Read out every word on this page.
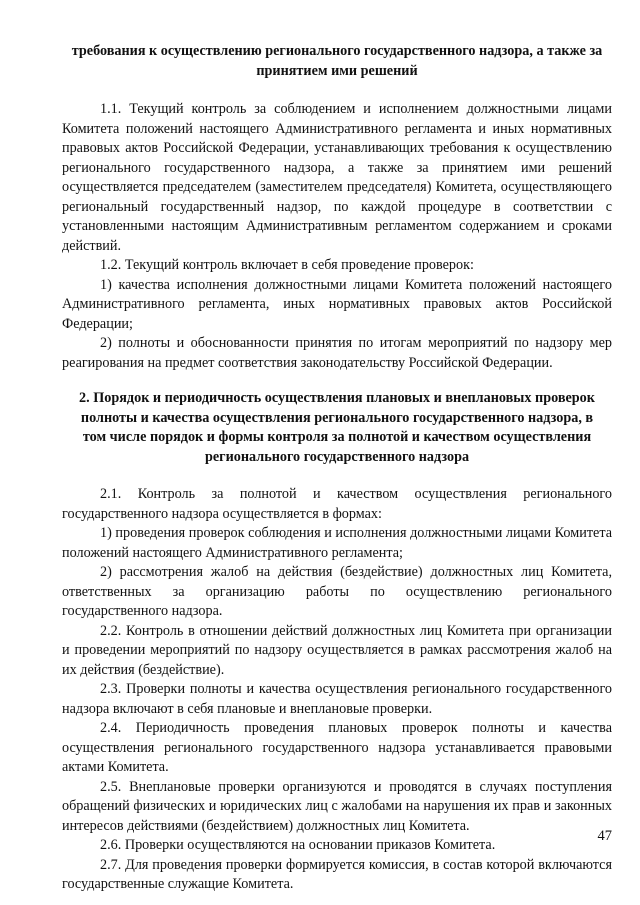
требования к осуществлению регионального государственного надзора, а также за принятием ими решений

1.1. Текущий контроль за соблюдением и исполнением должностными лицами Комитета положений настоящего Административного регламента и иных нормативных правовых актов Российской Федерации, устанавливающих требования к осуществлению регионального государственного надзора, а также за принятием ими решений осуществляется председателем (заместителем председателя) Комитета, осуществляющего региональный государственный надзор, по каждой процедуре в соответствии с установленными настоящим Административным регламентом содержанием и сроками действий.

1.2. Текущий контроль включает в себя проведение проверок:

1) качества исполнения должностными лицами Комитета положений настоящего Административного регламента, иных нормативных правовых актов Российской Федерации;

2) полноты и обоснованности принятия по итогам мероприятий по надзору мер реагирования на предмет соответствия законодательству Российской Федерации.

2. Порядок и периодичность осуществления плановых и внеплановых проверок полноты и качества осуществления регионального государственного надзора, в том числе порядок и формы контроля за полнотой и качеством осуществления регионального государственного надзора

2.1. Контроль за полнотой и качеством осуществления регионального государственного надзора осуществляется в формах:

1) проведения проверок соблюдения и исполнения должностными лицами Комитета положений настоящего Административного регламента;

2) рассмотрения жалоб на действия (бездействие) должностных лиц Комитета, ответственных за организацию работы по осуществлению регионального государственного надзора.

2.2. Контроль в отношении действий должностных лиц Комитета при организации и проведении мероприятий по надзору осуществляется в рамках рассмотрения жалоб на их действия (бездействие).

2.3. Проверки полноты и качества осуществления регионального государственного надзора включают в себя плановые и внеплановые проверки.

2.4. Периодичность проведения плановых проверок полноты и качества осуществления регионального государственного надзора устанавливается правовыми актами Комитета.

2.5. Внеплановые проверки организуются и проводятся в случаях поступления обращений физических и юридических лиц с жалобами на нарушения их прав и законных интересов действиями (бездействием) должностных лиц Комитета.

2.6. Проверки осуществляются на основании приказов Комитета.

2.7. Для проведения проверки формируется комиссия, в состав которой включаются государственные служащие Комитета.

47
